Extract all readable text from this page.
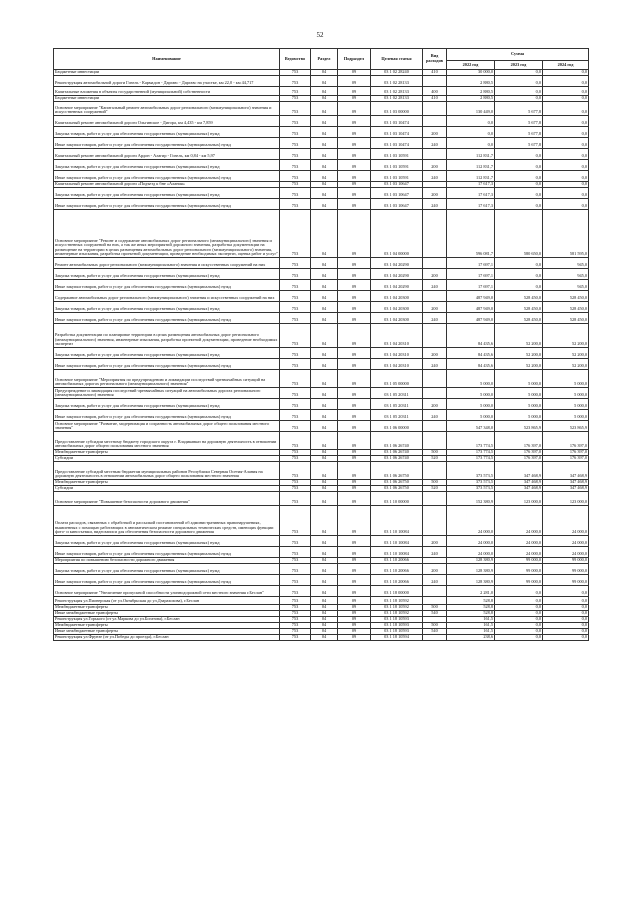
52
Наименование	Ведомство	Раздел	Подраздел	Целевая статья	Вид расходов	Сумма		
						2022 год	2023 год	2024 год
Бюджетные инвестиции	753	04	09	03 1 02 28240	410	30 000,0	0,0	0,0
Реконструкция автомобильной дороги Гизель - Кармадон - Даргавс - Даргавс на участке, км 22,0 - км 44,717	753	04	09	03 1 02 28133		2 880,5	0,0	0,0
Капитальные вложения в объекты государственной (муниципальной) собственности	753	04	09	03 1 02 28133	400	2 880,5	0,0	0,0
Бюджетные инвестиции	753	04	09	03 1 02 28133	410	2 880,5	0,0	0,0
Основное мероприятие "Капитальный ремонт автомобильных дорог регионального (межмуниципального) значения и искусственных сооружений"	753	04	09	03 1 03 00000		130 449,0	5 677,8	0,0
Капитальный ремонт автомобильной дороги Ольгинское - Дигора, км 4,435 - км 7,859	753	04	09	03 1 03 10474		0,0	5 677,8	0,0
Закупка товаров, работ и услуг для обеспечения государственных (муниципальных) нужд	753	04	09	03 1 03 10474	200	0,0	5 677,8	0,0
Иные закупки товаров, работ и услуг для обеспечения государственных (муниципальных) нужд	753	04	09	03 1 03 10474	240	0,0	5 677,8	0,0
Капитальный ремонт автомобильной дороги Ардон - Алагир - Гизель, км 0,84 - км 5,97	753	04	09	03 1 03 10591		112 831,7	0,0	0,0
Закупка товаров, работ и услуг для обеспечения государственных (муниципальных) нужд	753	04	09	03 1 03 10591	200	112 831,7	0,0	0,0
Иные закупки товаров, работ и услуг для обеспечения государственных (муниципальных) нужд	753	04	09	03 1 03 10591	240	112 831,7	0,0	0,0
Капитальный ремонт автомобильной дороги «Подъезд к бне «Алания»	753	04	09	03 1 03 10647		17 617,3	0,0	0,0
Закупка товаров, работ и услуг для обеспечения государственных (муниципальных) нужд	753	04	09	03 1 03 10647	200	17 617,3	0,0	0,0
Иные закупки товаров, работ и услуг для обеспечения государственных (муниципальных) нужд	753	04	09	03 1 03 10647	240	17 617,3	0,0	0,0
Основное мероприятие "Ремонт и содержание автомобильных дорог регионального (межмуниципального) значения и искусственных сооружений на них, а так же иных мероприятий дорожного значения, разработка документации на размещение на территории в целях размещения автомобильных дорог регионального (межмуниципального) значения, инженерные изыскания, разработка проектной документации, проведение необходимых экспертиз, оценка работ и услуг"	753	04	09	03 1 04 00000		596 081,7	580 650,0	581 595,0
Ремонт автомобильных дорог регионального (межмуниципального) значения и искусственных сооружений на них	753	04	09	03 1 04 20290		17 697,1	0,0	945,0
Закупка товаров, работ и услуг для обеспечения государственных (муниципальных) нужд	753	04	09	03 1 04 20290	200	17 697,1	0,0	945,0
Иные закупки товаров, работ и услуг для обеспечения государственных (муниципальных) нужд	753	04	09	03 1 04 20290	240	17 697,1	0,0	945,0
Содержание автомобильных дорог регионального (межмуниципального) значения и искусственных сооружений на них	753	04	09	03 1 04 20300		487 949,0	528 450,0	528 450,0
Закупка товаров, работ и услуг для обеспечения государственных (муниципальных) нужд	753	04	09	03 1 04 20300	200	487 949,0	528 450,0	528 450,0
Иные закупки товаров, работ и услуг для обеспечения государственных (муниципальных) нужд	753	04	09	03 1 04 20300	240	487 949,0	528 450,0	528 450,0
Разработка документации по планировке территории в целях размещения автомобильных дорог регионального (межмуниципального) значения, инженерные изыскания, разработка проектной документации, проведение необходимых экспертиз	753	04	09	03 1 04 20310		84 435,6	52 200,0	52 200,0
Закупка товаров, работ и услуг для обеспечения государственных (муниципальных) нужд	753	04	09	03 1 04 20310	200	84 435,6	52 200,0	52 200,0
Иные закупки товаров, работ и услуг для обеспечения государственных (муниципальных) нужд	753	04	09	03 1 04 20310	240	84 435,6	52 200,0	52 200,0
Основное мероприятие "Мероприятия по предупреждению и ликвидации последствий чрезвычайных ситуаций на автомобильных дорогах регионального (межмуниципального) значения"	753	04	09	03 1 05 00000		5 000,0	5 000,0	5 000,0
Предупреждение и ликвидация последствий чрезвычайных ситуаций на автомобильных дорогах регионального (межмуниципального) значения	753	04	09	03 1 05 20311		5 000,0	5 000,0	5 000,0
Закупка товаров, работ и услуг для обеспечения государственных (муниципальных) нужд	753	04	09	03 1 05 20311	200	5 000,0	5 000,0	5 000,0
Иные закупки товаров, работ и услуг для обеспечения государственных (муниципальных) нужд	753	04	09	03 1 05 20311	240	5 000,0	5 000,0	5 000,0
Основное мероприятие "Развитие, модернизация и сохранность автомобильных дорог общего пользования местного значения"	753	04	09	03 1 06 00000		547 348,0	523 865,9	523 865,9
Предоставление субсидии местному бюджету городского округа г. Владикавказ на дорожную деятельность в отношении автомобильных дорог общего пользования местного значения	753	04	09	03 1 06 26740		173 774,5	176 397,0	176 397,0
Межбюджетные трансферты	753	04	09	03 1 06 26740	500	173 774,5	176 397,0	176 397,0
Субсидии	753	04	09	03 1 06 26740	520	173 774,5	176 397,0	176 397,0
Предоставление субсидий местным бюджетам муниципальных районов Республики Северная Осетия-Алания на дорожную деятельность в отношении автомобильных дорог общего пользования местного значения	753	04	09	03 1 06 26750		373 573,5	347 468,9	347 468,9
Межбюджетные трансферты	753	04	09	03 1 06 26750	500	373 573,5	347 468,9	347 468,9
Субсидии	753	04	09	03 1 06 26750	520	373 573,5	347 468,9	347 468,9
Основное мероприятие "Повышение безопасности дорожного движения"	753	04	09	03 1 10 00000		152 380,9	123 000,0	123 000,0
Оплата расходов, связанных с обработкой и рассылкой постановлений об административных правонарушениях, выявленных с помощью работающих в автоматическом режиме специальных технических средств, имеющих функции фото- и киносъемки, видеозаписи для обеспечения безопасности дорожного движения	753	04	09	03 1 10 10084		24 000,0	24 000,0	24 000,0
Закупка товаров, работ и услуг для обеспечения государственных (муниципальных) нужд	753	04	09	03 1 10 10084	200	24 000,0	24 000,0	24 000,0
Иные закупки товаров, работ и услуг для обеспечения государственных (муниципальных) нужд	753	04	09	03 1 10 10084	240	24 000,0	24 000,0	24 000,0
Мероприятия по повышению безопасности дорожного движения	753	04	09	03 1 10 20066		128 380,9	99 000,0	99 000,0
Закупка товаров, работ и услуг для обеспечения государственных (муниципальных) нужд	753	04	09	03 1 10 20066	200	128 380,9	99 000,0	99 000,0
Иные закупки товаров, работ и услуг для обеспечения государственных (муниципальных) нужд	753	04	09	03 1 10 20066	240	128 380,9	99 000,0	99 000,0
Основное мероприятие "Увеличение пропускной способности уличнодорожной сети местного значения г.Беслан"	753	04	09	03 1 18 00000		2 281,0	0,0	0,0
Реконструкция ул.Пионерская (от ул.Октябрьская до ул.Дзарахохова), г.Беслан	753	04	09	03 1 18 10592		528,8	0,0	0,0
Межбюджетные трансферты	753	04	09	03 1 18 10592	500	528,8	0,0	0,0
Иные межбюджетные трансферты	753	04	09	03 1 18 10592	540	528,8	0,0	0,0
Реконструкция ул.Горького (от ул.Маркова до ул.Богатова), г.Беслан	753	04	09	03 1 18 10593		161,5	0,0	0,0
Межбюджетные трансферты	753	04	09	03 1 18 10593	500	161,5	0,0	0,0
Иные межбюджетные трансферты	753	04	09	03 1 18 10593	540	161,5	0,0	0,0
Реконструкция ул.Фрунзе (от ул.Победы до проезда), г.Беслан	753	04	09	03 1 18 10594		238,6	0,0	0,0
